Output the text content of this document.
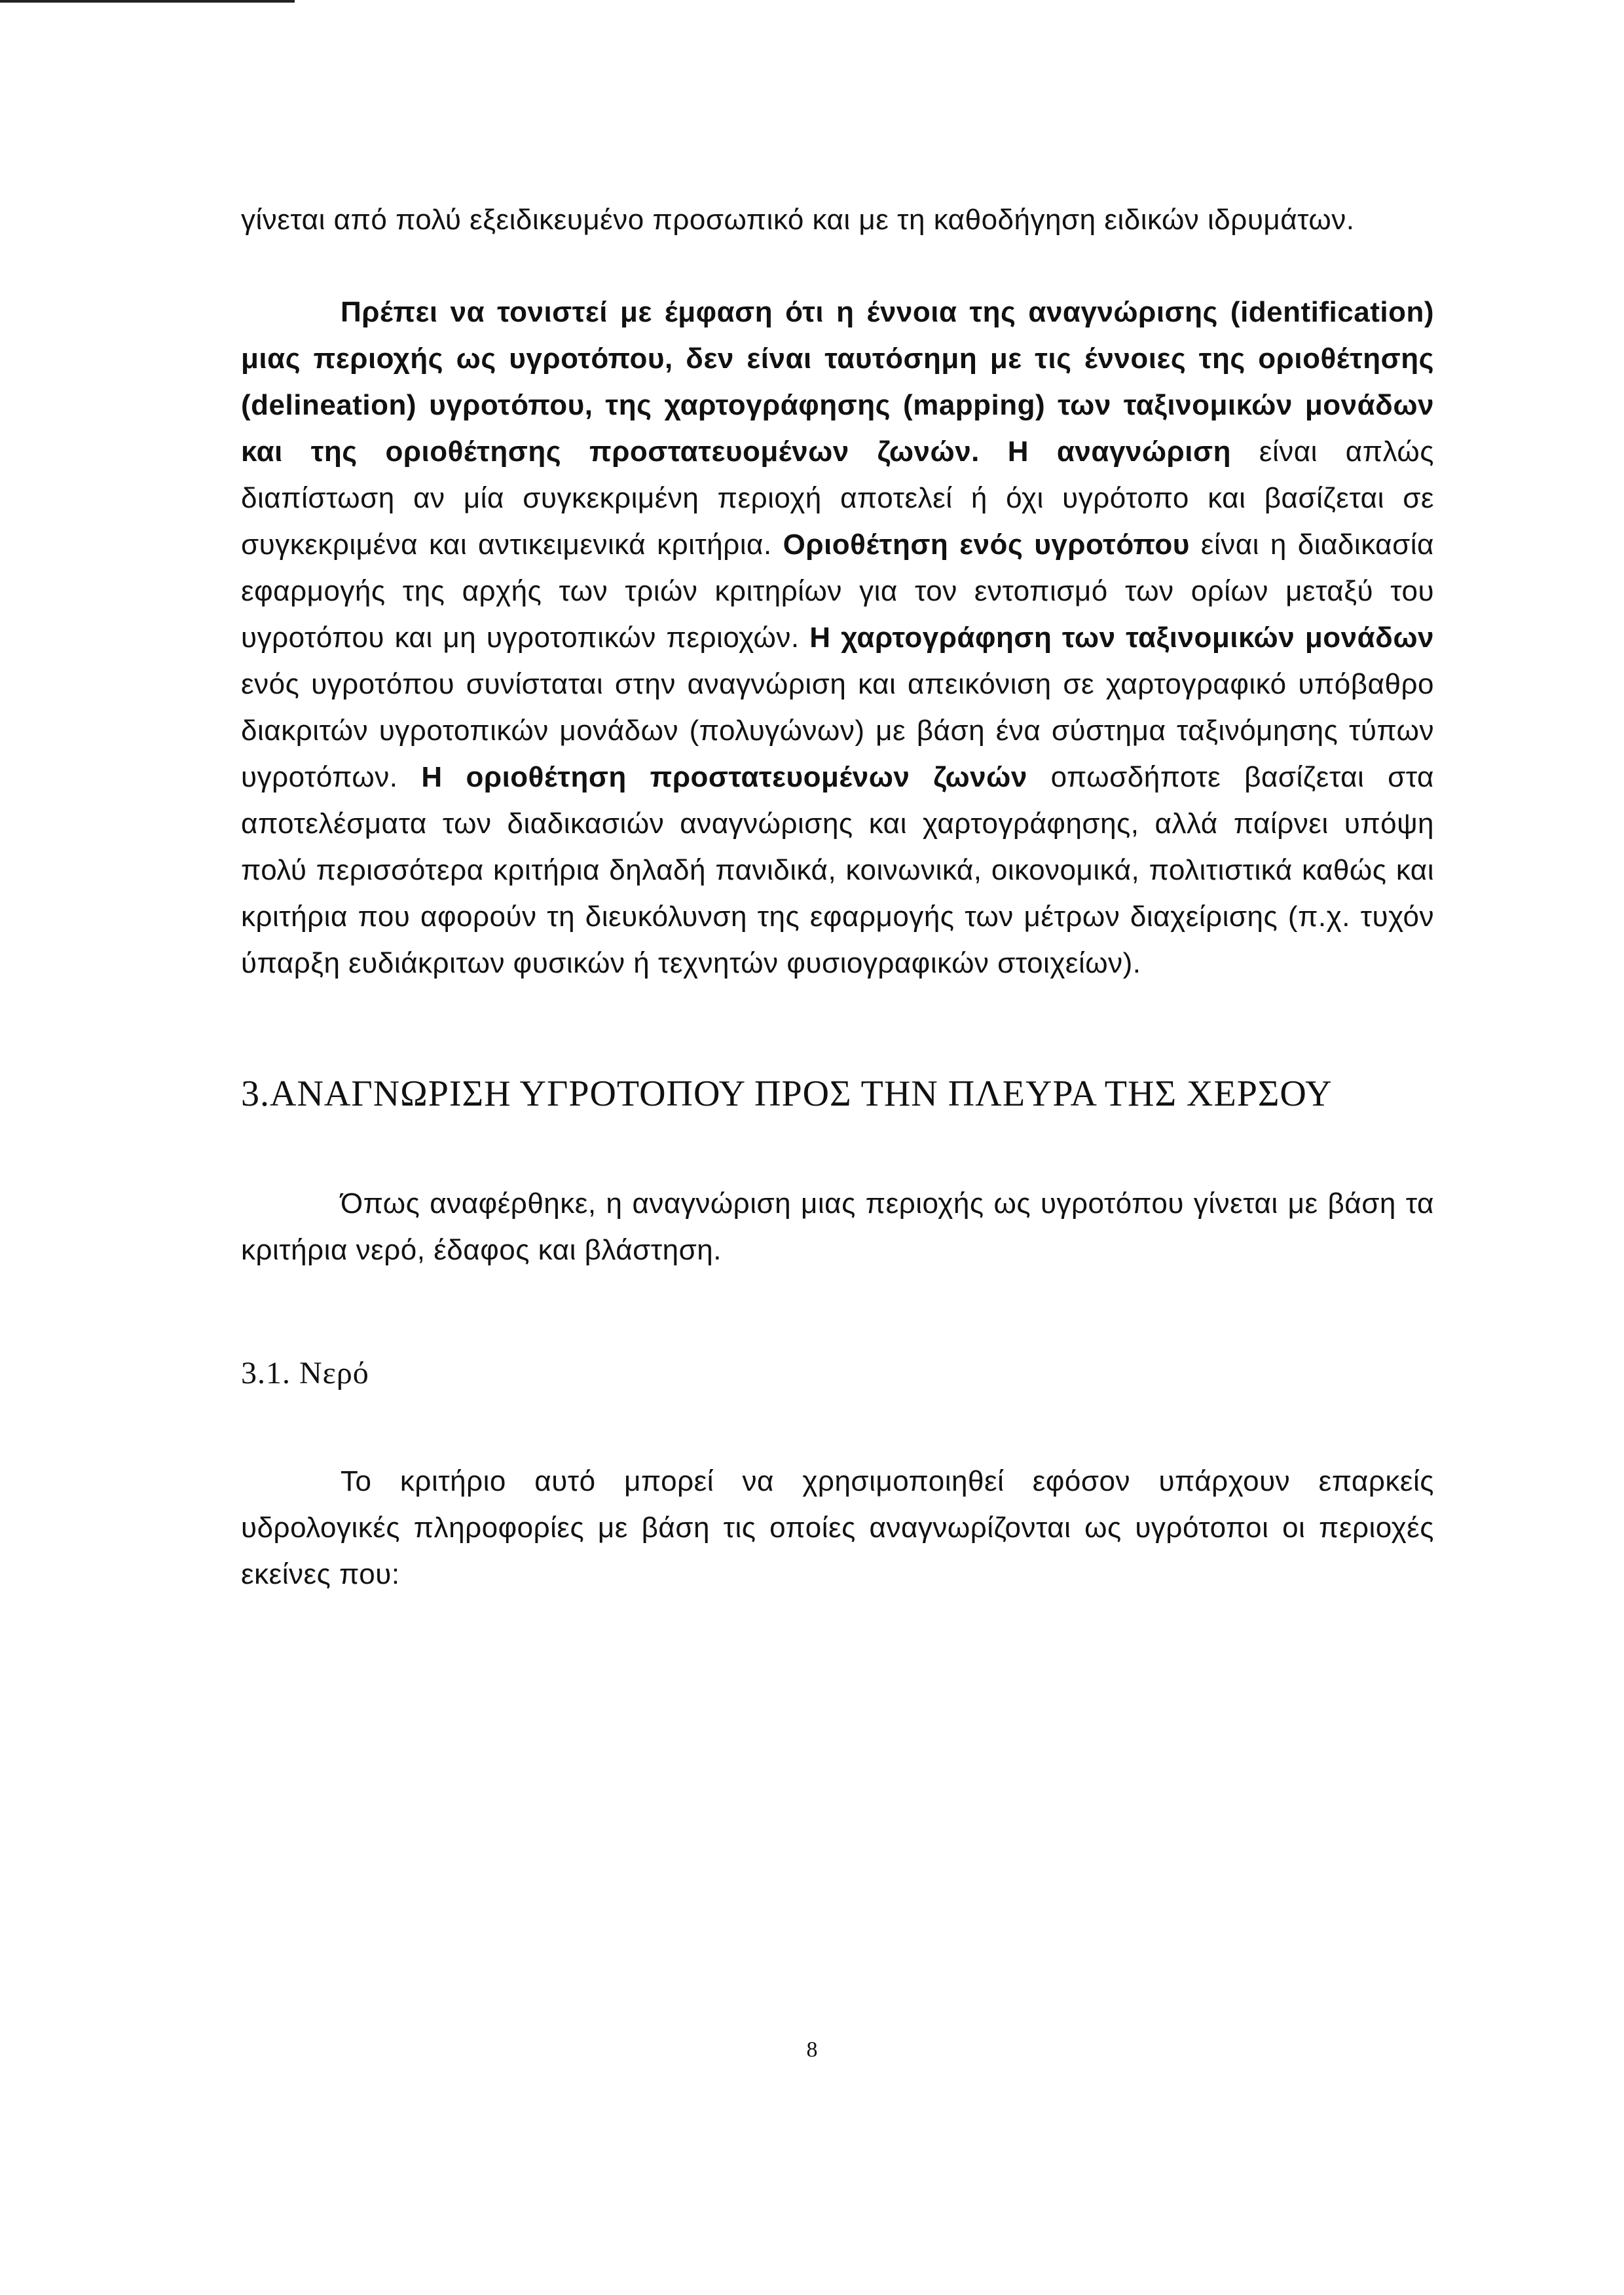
γίνεται από πολύ εξειδικευμένο προσωπικό και με τη καθοδήγηση ειδικών ιδρυμάτων.

Πρέπει να τονιστεί με έμφαση ότι η έννοια της αναγνώρισης (identification) μιας περιοχής ως υγροτόπου, δεν είναι ταυτόσημη με τις έννοιες της οριοθέτησης (delineation) υγροτόπου, της χαρτογράφησης (mapping) των ταξινομικών μονάδων και της οριοθέτησης προστατευομένων ζωνών. Η αναγνώριση είναι απλώς διαπίστωση αν μία συγκεκριμένη περιοχή αποτελεί ή όχι υγρότοπο και βασίζεται σε συγκεκριμένα και αντικειμενικά κριτήρια. Οριοθέτηση ενός υγροτόπου είναι η διαδικασία εφαρμογής της αρχής των τριών κριτηρίων για τον εντοπισμό των ορίων μεταξύ του υγροτόπου και μη υγροτοπικών περιοχών. Η χαρτογράφηση των ταξινομικών μονάδων ενός υγροτόπου συνίσταται στην αναγνώριση και απεικόνιση σε χαρτογραφικό υπόβαθρο διακριτών υγροτοπικών μονάδων (πολυγώνων) με βάση ένα σύστημα ταξινόμησης τύπων υγροτόπων. Η οριοθέτηση προστατευομένων ζωνών οπωσδήποτε βασίζεται στα αποτελέσματα των διαδικασιών αναγνώρισης και χαρτογράφησης, αλλά παίρνει υπόψη πολύ περισσότερα κριτήρια δηλαδή πανιδικά, κοινωνικά, οικονομικά, πολιτιστικά καθώς και κριτήρια που αφορούν τη διευκόλυνση της εφαρμογής των μέτρων διαχείρισης (π.χ. τυχόν ύπαρξη ευδιάκριτων φυσικών ή τεχνητών φυσιογραφικών στοιχείων).

3.ΑΝΑΓΝΩΡΙΣΗ ΥΓΡΟΤΟΠΟΥ ΠΡΟΣ ΤΗΝ ΠΛΕΥΡΑ ΤΗΣ ΧΕΡΣΟΥ

Όπως αναφέρθηκε, η αναγνώριση μιας περιοχής ως υγροτόπου γίνεται με βάση τα κριτήρια νερό, έδαφος και βλάστηση.

3.1. Νερό

Το κριτήριο αυτό μπορεί να χρησιμοποιηθεί εφόσον υπάρχουν επαρκείς υδρολογικές πληροφορίες με βάση τις οποίες αναγνωρίζονται ως υγρότοποι οι περιοχές εκείνες που:

8
